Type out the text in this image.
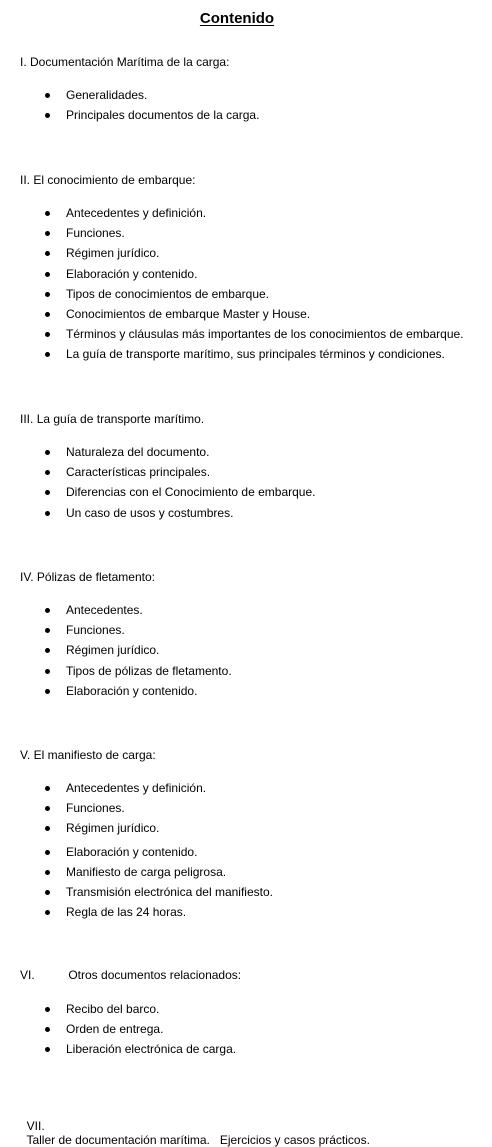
Contenido
I. Documentación Marítima de la carga:
Generalidades.
Principales documentos de la carga.
II. El conocimiento de embarque:
Antecedentes y definición.
Funciones.
Régimen jurídico.
Elaboración y contenido.
Tipos de conocimientos de embarque.
Conocimientos de embarque Master y House.
Términos y cláusulas más importantes de los conocimientos de embarque.
La guía de transporte marítimo, sus principales términos y condiciones.
III. La guía de transporte marítimo.
Naturaleza del documento.
Características principales.
Diferencias con el Conocimiento de embarque.
Un caso de usos y costumbres.
IV. Pólizas de fletamento:
Antecedentes.
Funciones.
Régimen jurídico.
Tipos de pólizas de fletamento.
Elaboración y contenido.
V. El manifiesto de carga:
Antecedentes y definición.
Funciones.
Régimen jurídico.
Elaboración y contenido.
Manifiesto de carga peligrosa.
Transmisión electrónica del manifiesto.
Regla de las 24 horas.
VI.	Otros documentos relacionados:
Recibo del barco.
Orden de entrega.
Liberación electrónica de carga.

VII.
Taller de documentación marítima.   Ejercicios y casos prácticos.
